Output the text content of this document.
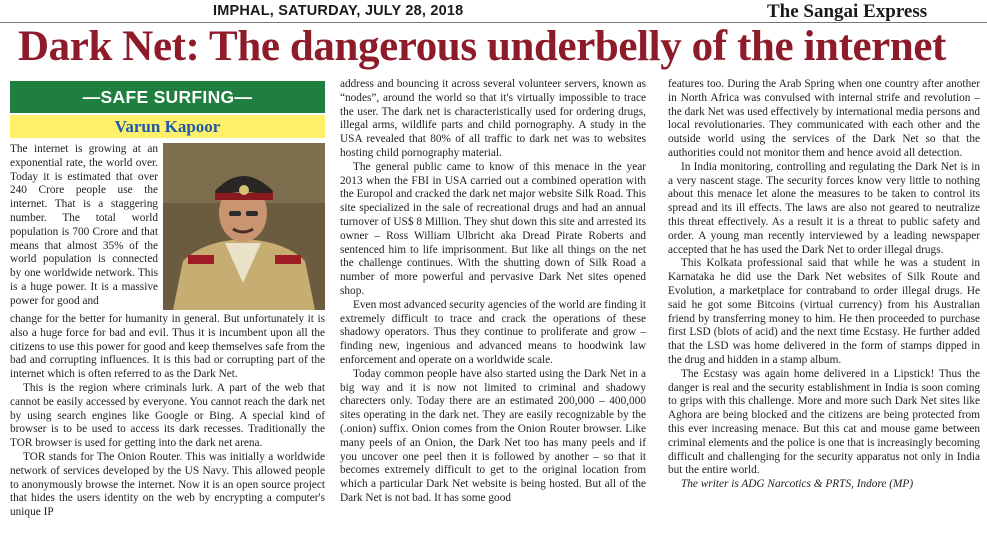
IMPHAL, SATURDAY, JULY 28, 2018	The Sangai Express
Dark Net: The dangerous underbelly of the internet
—SAFE SURFING—
Varun Kapoor

The internet is growing at an exponential rate, the world over. Today it is estimated that over 240 Crore people use the internet. That is a staggering number. The total world population is 700 Crore and that means that almost 35% of the world population is connected by one worldwide network. This is a huge power. It is a massive power for good and

change for the better for humanity in general. But unfortunately it is also a huge force for bad and evil. Thus it is incumbent upon all the citizens to use this power for good and keep themselves safe from the bad and corrupting influences. It is this bad or corrupting part of the internet which is often referred to as the Dark Net.

This is the region where criminals lurk. A part of the web that cannot be easily accessed by everyone. You cannot reach the dark net by using search engines like Google or Bing. A special kind of browser is to be used to access its dark recesses. Traditionally the TOR browser is used for getting into the dark net arena.

TOR stands for The Onion Router. This was initially a worldwide network of services developed by the US Navy. This allowed people to anonymously browse the internet. Now it is an open source project that hides the users identity on the web by encrypting a computer's unique IP

address and bouncing it across several volunteer servers, known as “nodes”, around the world so that it's virtually impossible to trace the user. The dark net is characteristically used for ordering drugs, illegal arms, wildlife parts and child pornography. A study in the USA revealed that 80% of all traffic to dark net was to websites hosting child pornography material.

The general public came to know of this menace in the year 2013 when the FBI in USA carried out a combined operation with the Europol and cracked the dark net major website Silk Road. This site specialized in the sale of recreational drugs and had an annual turnover of US$ 8 Million. They shut down this site and arrested its owner – Ross William Ulbricht aka Dread Pirate Roberts and sentenced him to life imprisonment. But like all things on the net the challenge continues. With the shutting down of Silk Road a number of more powerful and pervasive Dark Net sites opened shop.

Even most advanced security agencies of the world are finding it extremely difficult to trace and crack the operations of these shadowy operators. Thus they continue to proliferate and grow – finding new, ingenious and advanced means to hoodwink law enforcement and operate on a worldwide scale.

Today common people have also started using the Dark Net in a big way and it is now not limited to criminal and shadowy charecters only. Today there are an estimated 200,000 – 400,000 sites operating in the dark net. They are easily recognizable by the (.onion) suffix. Onion comes from the Onion Router browser. Like many peels of an Onion, the Dark Net too has many peels and if you uncover one peel then it is followed by another – so that it becomes extremely difficult to get to the original location from which a particular Dark Net website is being hosted. But all of the Dark Net is not bad. It has some good

features too. During the Arab Spring when one country after another in North Africa was convulsed with internal strife and revolution – the dark Net was used effectively by international media persons and local revolutionaries. They communicated with each other and the outside world using the services of the Dark Net so that the authorities could not monitor them and hence avoid all detection.

In India monitoring, controlling and regulating the Dark Net is in a very nascent stage. The security forces know very little to nothing about this menace let alone the measures to be taken to control its spread and its ill effects. The laws are also not geared to neutralize this threat effectively. As a result it is a threat to public safety and order. A young man recently interviewed by a leading newspaper accepted that he has used the Dark Net to order illegal drugs.

This Kolkata professional said that while he was a student in Karnataka he did use the Dark Net websites of Silk Route and Evolution, a marketplace for contraband to order illegal drugs. He said he got some Bitcoins (virtual currency) from his Australian friend by transferring money to him. He then proceeded to purchase first LSD (blots of acid) and the next time Ecstasy. He further added that the LSD was home delivered in the form of stamps dipped in the drug and hidden in a stamp album.

The Ecstasy was again home delivered in a Lipstick! Thus the danger is real and the security establishment in India is soon coming to grips with this challenge. More and more such Dark Net sites like Aghora are being blocked and the citizens are being protected from this ever increasing menace. But this cat and mouse game between criminal elements and the police is one that is increasingly becoming difficult and challenging for the security apparatus not only in India but the entire world.

The writer is ADG Narcotics & PRTS, Indore (MP)
